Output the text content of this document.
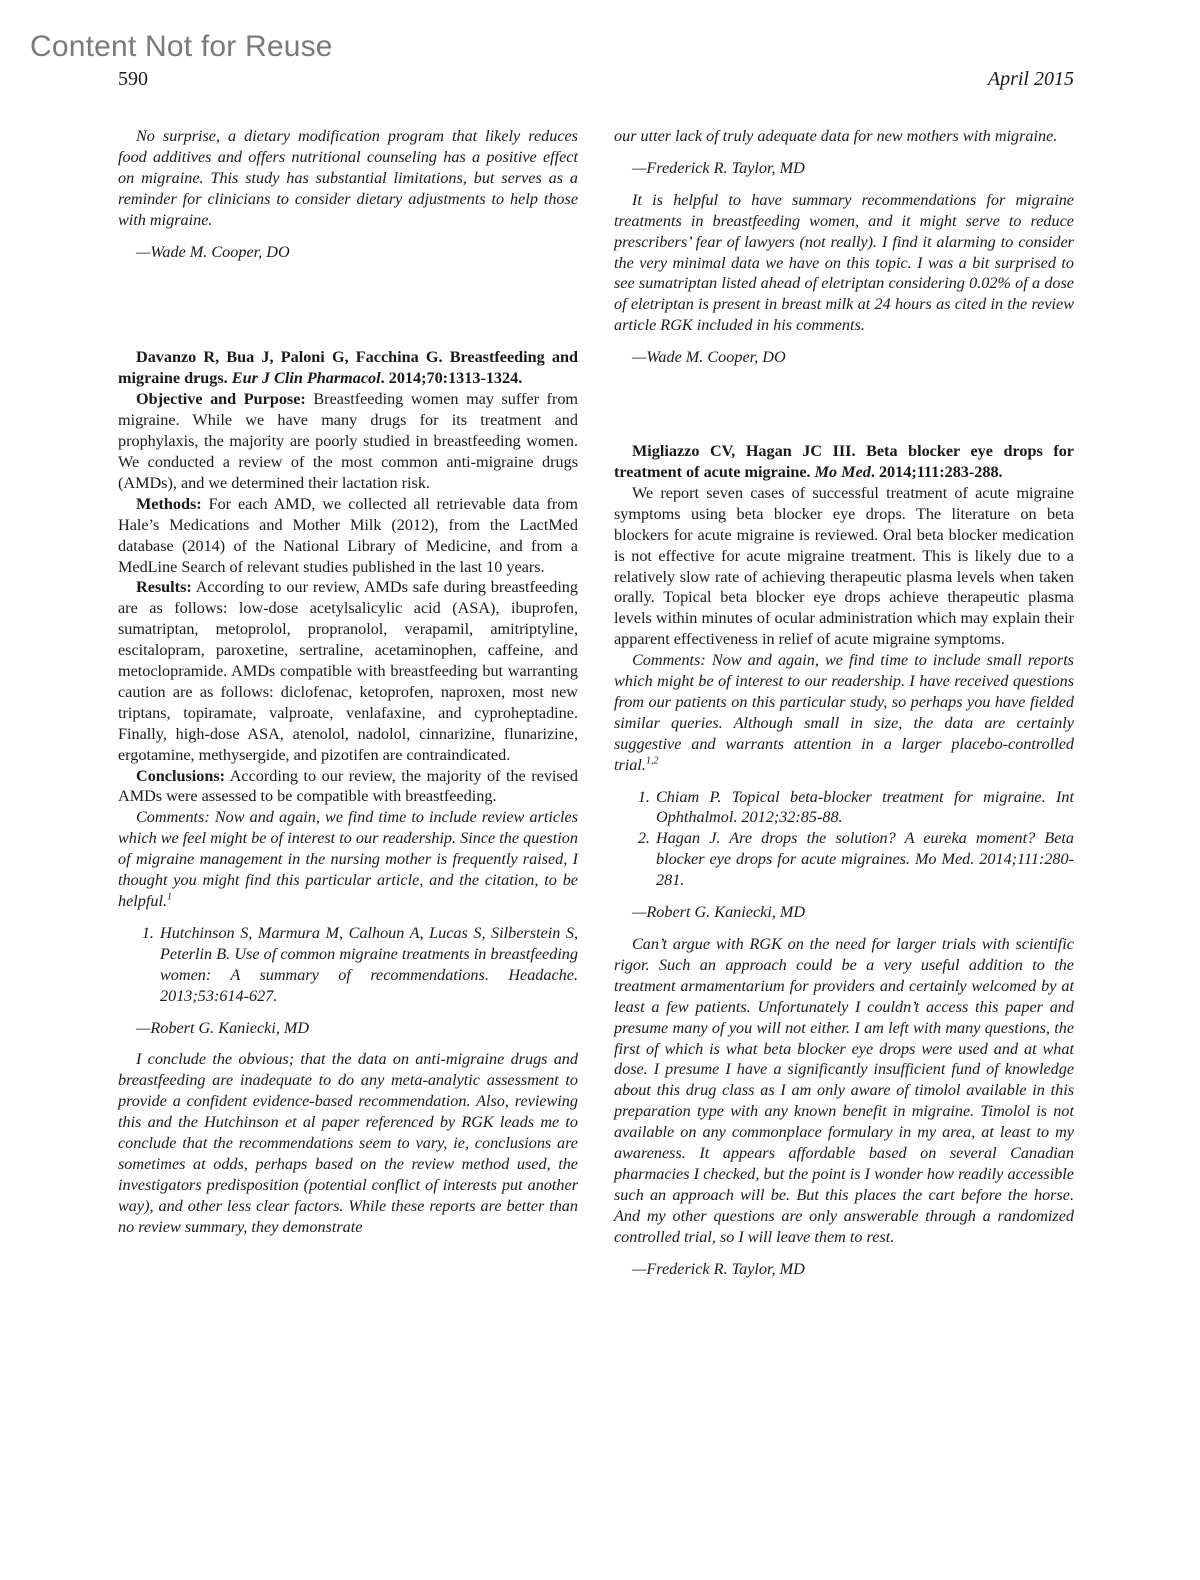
Content Not for Reuse
590	April 2015

No surprise, a dietary modification program that likely reduces food additives and offers nutritional counseling has a positive effect on migraine. This study has substantial limitations, but serves as a reminder for clinicians to consider dietary adjustments to help those with migraine.

—Wade M. Cooper, DO

Davanzo R, Bua J, Paloni G, Facchina G. Breastfeeding and migraine drugs. Eur J Clin Pharmacol. 2014;70:1313-1324.

Objective and Purpose: Breastfeeding women may suffer from migraine. While we have many drugs for its treatment and prophylaxis, the majority are poorly studied in breastfeeding women. We conducted a review of the most common anti-migraine drugs (AMDs), and we determined their lactation risk.

Methods: For each AMD, we collected all retrievable data from Hale’s Medications and Mother Milk (2012), from the LactMed database (2014) of the National Library of Medicine, and from a MedLine Search of relevant studies published in the last 10 years.

Results: According to our review, AMDs safe during breastfeeding are as follows: low-dose acetylsalicylic acid (ASA), ibuprofen, sumatriptan, metoprolol, propranolol, verapamil, amitriptyline, escitalopram, paroxetine, sertraline, acetaminophen, caffeine, and metoclopramide. AMDs compatible with breastfeeding but warranting caution are as follows: diclofenac, ketoprofen, naproxen, most new triptans, topiramate, valproate, venlafaxine, and cyproheptadine. Finally, high-dose ASA, atenolol, nadolol, cinnarizine, flunarizine, ergotamine, methysergide, and pizotifen are contraindicated.

Conclusions: According to our review, the majority of the revised AMDs were assessed to be compatible with breastfeeding.

Comments: Now and again, we find time to include review articles which we feel might be of interest to our readership. Since the question of migraine management in the nursing mother is frequently raised, I thought you might find this particular article, and the citation, to be helpful.$^1$

1. Hutchinson S, Marmura M, Calhoun A, Lucas S, Silberstein S, Peterlin B. Use of common migraine treatments in breastfeeding women: A summary of recommendations. Headache. 2013;53:614-627.

—Robert G. Kaniecki, MD

I conclude the obvious; that the data on anti-migraine drugs and breastfeeding are inadequate to do any meta-analytic assessment to provide a confident evidence-based recommendation. Also, reviewing this and the Hutchinson et al paper referenced by RGK leads me to conclude that the recommendations seem to vary, ie, conclusions are sometimes at odds, perhaps based on the review method used, the investigators predisposition (potential conflict of interests put another way), and other less clear factors. While these reports are better than no review summary, they demonstrate

our utter lack of truly adequate data for new mothers with migraine.

—Frederick R. Taylor, MD

It is helpful to have summary recommendations for migraine treatments in breastfeeding women, and it might serve to reduce prescribers’ fear of lawyers (not really). I find it alarming to consider the very minimal data we have on this topic. I was a bit surprised to see sumatriptan listed ahead of eletriptan considering 0.02% of a dose of eletriptan is present in breast milk at 24 hours as cited in the review article RGK included in his comments.

—Wade M. Cooper, DO

Migliazzo CV, Hagan JC III. Beta blocker eye drops for treatment of acute migraine. Mo Med. 2014;111:283-288.

We report seven cases of successful treatment of acute migraine symptoms using beta blocker eye drops. The literature on beta blockers for acute migraine is reviewed. Oral beta blocker medication is not effective for acute migraine treatment. This is likely due to a relatively slow rate of achieving therapeutic plasma levels when taken orally. Topical beta blocker eye drops achieve therapeutic plasma levels within minutes of ocular administration which may explain their apparent effectiveness in relief of acute migraine symptoms.

Comments: Now and again, we find time to include small reports which might be of interest to our readership. I have received questions from our patients on this particular study, so perhaps you have fielded similar queries. Although small in size, the data are certainly suggestive and warrants attention in a larger placebo-controlled trial.$^{1,2}$

1. Chiam P. Topical beta-blocker treatment for migraine. Int Ophthalmol. 2012;32:85-88.
2. Hagan J. Are drops the solution? A eureka moment? Beta blocker eye drops for acute migraines. Mo Med. 2014;111:280-281.

—Robert G. Kaniecki, MD

Can’t argue with RGK on the need for larger trials with scientific rigor. Such an approach could be a very useful addition to the treatment armamentarium for providers and certainly welcomed by at least a few patients. Unfortunately I couldn’t access this paper and presume many of you will not either. I am left with many questions, the first of which is what beta blocker eye drops were used and at what dose. I presume I have a significantly insufficient fund of knowledge about this drug class as I am only aware of timolol available in this preparation type with any known benefit in migraine. Timolol is not available on any commonplace formulary in my area, at least to my awareness. It appears affordable based on several Canadian pharmacies I checked, but the point is I wonder how readily accessible such an approach will be. But this places the cart before the horse. And my other questions are only answerable through a randomized controlled trial, so I will leave them to rest.

—Frederick R. Taylor, MD
